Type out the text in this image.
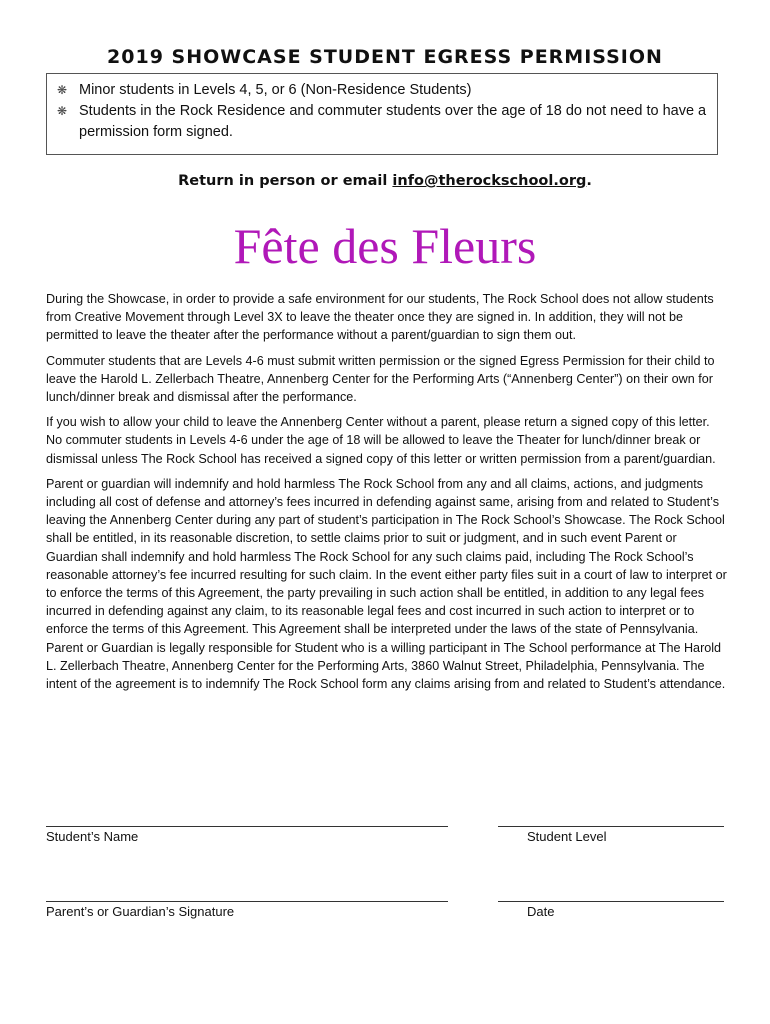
2019 SHOWCASE STUDENT EGRESS PERMISSION
❋ Minor students in Levels 4, 5, or 6 (Non-Residence Students)
❋ Students in the Rock Residence and commuter students over the age of 18 do not need to have a permission form signed.
Return in person or email info@therockschool.org.
Fête des Fleurs

During the Showcase, in order to provide a safe environment for our students, The Rock School does not allow students from Creative Movement through Level 3X to leave the theater once they are signed in. In addition, they will not be permitted to leave the theater after the performance without a parent/guardian to sign them out.

Commuter students that are Levels 4-6 must submit written permission or the signed Egress Permission for their child to leave the Harold L. Zellerbach Theatre, Annenberg Center for the Performing Arts (“Annenberg Center”) on their own for lunch/dinner break and dismissal after the performance.

If you wish to allow your child to leave the Annenberg Center without a parent, please return a signed copy of this letter. No commuter students in Levels 4-6 under the age of 18 will be allowed to leave the Theater for lunch/dinner break or dismissal unless The Rock School has received a signed copy of this letter or written permission from a parent/guardian.

Parent or guardian will indemnify and hold harmless The Rock School from any and all claims, actions, and judgments including all cost of defense and attorney’s fees incurred in defending against same, arising from and related to Student’s leaving the Annenberg Center during any part of student’s participation in The Rock School’s Showcase. The Rock School shall be entitled, in its reasonable discretion, to settle claims prior to suit or judgment, and in such event Parent or Guardian shall indemnify and hold harmless The Rock School for any such claims paid, including The Rock School’s reasonable attorney’s fee incurred resulting for such claim. In the event either party files suit in a court of law to interpret or to enforce the terms of this Agreement, the party prevailing in such action shall be entitled, in addition to any legal fees incurred in defending against any claim, to its reasonable legal fees and cost incurred in such action to interpret or to enforce the terms of this Agreement. This Agreement shall be interpreted under the laws of the state of Pennsylvania. Parent or Guardian is legally responsible for Student who is a willing participant in The School performance at The Harold L. Zellerbach Theatre, Annenberg Center for the Performing Arts, 3860 Walnut Street, Philadelphia, Pennsylvania. The intent of the agreement is to indemnify The Rock School form any claims arising from and related to Student’s attendance.

Student’s Name	Student Level
Parent’s or Guardian’s Signature	Date
